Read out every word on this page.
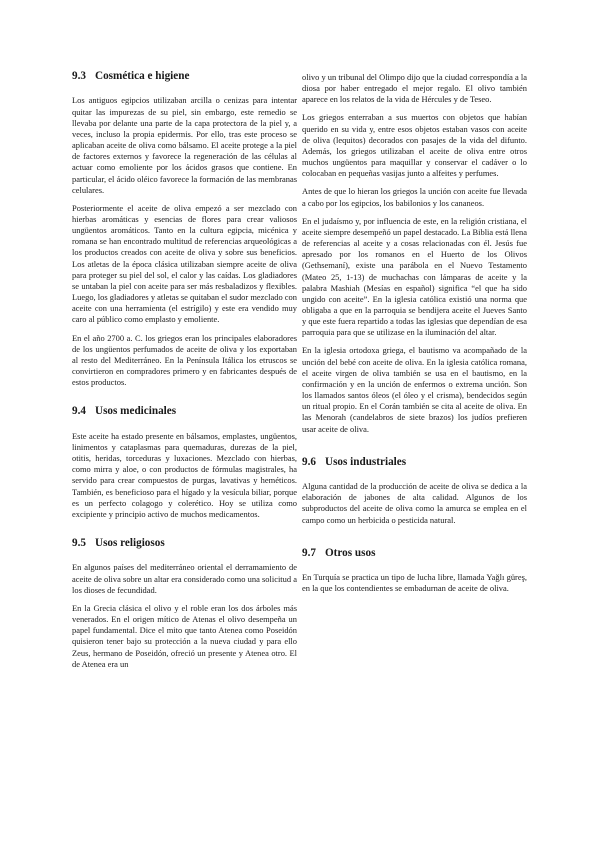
9.3 Cosmética e higiene

Los antiguos egipcios utilizaban arcilla o cenizas para intentar quitar las impurezas de su piel, sin embargo, este remedio se llevaba por delante una parte de la capa protectora de la piel y, a veces, incluso la propia epidermis. Por ello, tras este proceso se aplicaban aceite de oliva como bálsamo. El aceite protege a la piel de factores externos y favorece la regeneración de las células al actuar como emoliente por los ácidos grasos que contiene. En particular, el ácido oléico favorece la formación de las membranas celulares.

Posteriormente el aceite de oliva empezó a ser mezclado con hierbas aromáticas y esencias de flores para crear valiosos ungüentos aromáticos. Tanto en la cultura egipcia, micénica y romana se han encontrado multitud de referencias arqueológicas a los productos creados con aceite de oliva y sobre sus beneficios. Los atletas de la época clásica utilizaban siempre aceite de oliva para proteger su piel del sol, el calor y las caídas. Los gladiadores se untaban la piel con aceite para ser más resbaladizos y flexibles. Luego, los gladiadores y atletas se quitaban el sudor mezclado con aceite con una herramienta (el estrígilo) y este era vendido muy caro al público como emplasto y emoliente.

En el año 2700 a. C. los griegos eran los principales elaboradores de los ungüentos perfumados de aceite de oliva y los exportaban al resto del Mediterráneo. En la Península Itálica los etruscos se convirtieron en compradores primero y en fabricantes después de estos productos.

9.4 Usos medicinales

Este aceite ha estado presente en bálsamos, emplastes, ungüentos, linimentos y cataplasmas para quemaduras, durezas de la piel, otitis, heridas, torceduras y luxaciones. Mezclado con hierbas, como mirra y aloe, o con productos de fórmulas magistrales, ha servido para crear compuestos de purgas, lavativas y heméticos. También, es beneficioso para el hígado y la vesícula biliar, porque es un perfecto colagogo y colerético. Hoy se utiliza como excipiente y principio activo de muchos medicamentos.

9.5 Usos religiosos

En algunos países del mediterráneo oriental el derramamiento de aceite de oliva sobre un altar era considerado como una solicitud a los dioses de fecundidad.

En la Grecia clásica el olivo y el roble eran los dos árboles más venerados. En el origen mítico de Atenas el olivo desempeña un papel fundamental. Dice el mito que tanto Atenea como Poseidón quisieron tener bajo su protección a la nueva ciudad y para ello Zeus, hermano de Poseidón, ofreció un presente y Atenea otro. El de Atenea era un

olivo y un tribunal del Olimpo dijo que la ciudad correspondía a la diosa por haber entregado el mejor regalo. El olivo también aparece en los relatos de la vida de Hércules y de Teseo.

Los griegos enterraban a sus muertos con objetos que habían querido en su vida y, entre esos objetos estaban vasos con aceite de oliva (lequitos) decorados con pasajes de la vida del difunto. Además, los griegos utilizaban el aceite de oliva entre otros muchos ungüentos para maquillar y conservar el cadáver o lo colocaban en pequeñas vasijas junto a alfeites y perfumes.

Antes de que lo hieran los griegos la unción con aceite fue llevada a cabo por los egipcios, los babilonios y los cananeos.

En el judaísmo y, por influencia de este, en la religión cristiana, el aceite siempre desempeñó un papel destacado. La Biblia está llena de referencias al aceite y a cosas relacionadas con él. Jesús fue apresado por los romanos en el Huerto de los Olivos (Gethsemaní), existe una parábola en el Nuevo Testamento (Mateo 25, 1-13) de muchachas con lámparas de aceite y la palabra Mashiah (Mesías en español) significa “el que ha sido ungido con aceite”. En la iglesia católica existió una norma que obligaba a que en la parroquia se bendijera aceite el Jueves Santo y que este fuera repartido a todas las iglesias que dependían de esa parroquia para que se utilizase en la iluminación del altar.

En la iglesia ortodoxa griega, el bautismo va acompañado de la unción del bebé con aceite de oliva. En la iglesia católica romana, el aceite virgen de oliva también se usa en el bautismo, en la confirmación y en la unción de enfermos o extrema unción. Son los llamados santos óleos (el óleo y el crisma), bendecidos según un ritual propio. En el Corán también se cita al aceite de oliva. En las Menorah (candelabros de siete brazos) los judíos prefieren usar aceite de oliva.

9.6 Usos industriales

Alguna cantidad de la producción de aceite de oliva se dedica a la elaboración de jabones de alta calidad. Algunos de los subproductos del aceite de oliva como la amurca se emplea en el campo como un herbicida o pesticida natural.

9.7 Otros usos

En Turquía se practica un tipo de lucha libre, llamada Yağlı güreş, en la que los contendientes se embadurnan de aceite de oliva.
